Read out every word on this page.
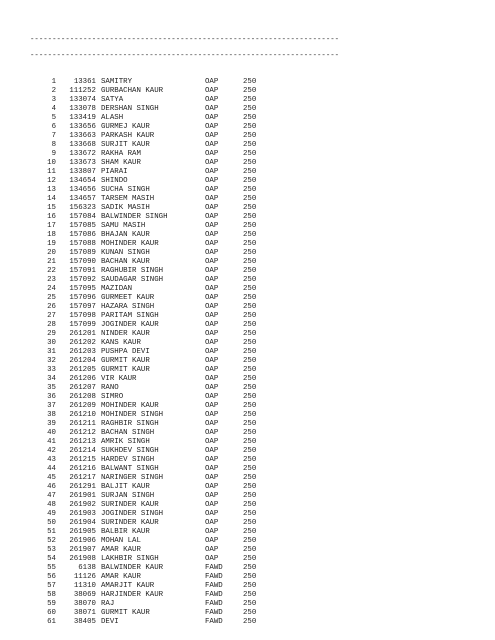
----------------------------------------------------------------------

----------------------------------------------------------------------

1 13361 SAMITRY	OAP	250
2 111252 GURBACHAN KAUR	OAP	250
3 133074 SATYA	OAP	250
4 133078 DERSHAN SINGH	OAP	250
5 133419 ALASH	OAP	250
6 133656 GURMEJ KAUR	OAP	250
7 133663 PARKASH KAUR	OAP	250
8 133668 SURJIT KAUR	OAP	250
9 133672 RAKHA RAM	OAP	250
10 133673 SHAM KAUR	OAP	250
11 133807 PIARAI	OAP	250
12 134654 SHINDO	OAP	250
13 134656 SUCHA SINGH	OAP	250
14 134657 TARSEM MASIH	OAP	250
15 156323 SADIK MASIH	OAP	250
16 157084 BALWINDER SINGH	OAP	250
17 157085 SAMU MASIH	OAP	250
18 157086 BHAJAN KAUR	OAP	250
19 157088 MOHINDER KAUR	OAP	250
20 157089 KUNAN SINGH	OAP	250
21 157090 BACHAN KAUR	OAP	250
22 157091 RAGHUBIR SINGH	OAP	250
23 157092 SAUDAGAR SINGH	OAP	250
24 157095 MAZIDAN	OAP	250
25 157096 GURMEET KAUR	OAP	250
26 157097 HAZARA SINGH	OAP	250
27 157098 PARITAM SINGH	OAP	250
28 157099 JOGINDER KAUR	OAP	250
29 261201 NINDER KAUR	OAP	250
30 261202 KANS KAUR	OAP	250
31 261203 PUSHPA DEVI	OAP	250
32 261204 GURMIT KAUR	OAP	250
33 261205 GURMIT KAUR	OAP	250
34 261206 VIR KAUR	OAP	250
35 261207 RANO	OAP	250
36 261208 SIMRO	OAP	250
37 261209 MOHINDER KAUR	OAP	250
38 261210 MOHINDER SINGH	OAP	250
39 261211 RAGHBIR SINGH	OAP	250
40 261212 BACHAN SINGH	OAP	250
41 261213 AMRIK SINGH	OAP	250
42 261214 SUKHDEV SINGH	OAP	250
43 261215 HARDEV SINGH	OAP	250
44 261216 BALWANT SINGH	OAP	250
45 261217 NARINGER SINGH	OAP	250
46 261291 BALJIT KAUR	OAP	250
47 261901 SURJAN SINGH	OAP	250
48 261902 SURINDER KAUR	OAP	250
49 261903 JOGINDER SINGH	OAP	250
50 261904 SURINDER KAUR	OAP	250
51 261905 BALBIR KAUR	OAP	250
52 261906 MOHAN LAL	OAP	250
53 261907 AMAR KAUR	OAP	250
54 261908 LAKHBIR SINGH	OAP	250
55	6138 BALWINDER KAUR	FAWD	250
56 11126 AMAR KAUR	FAWD	250
57 11310 AMARJIT KAUR	FAWD	250
58 38069 HARJINDER KAUR	FAWD	250
59 38070 RAJ	FAWD	250
60 38071 GURMIT KAUR	FAWD	250
61 38405 DEVI	FAWD	250
